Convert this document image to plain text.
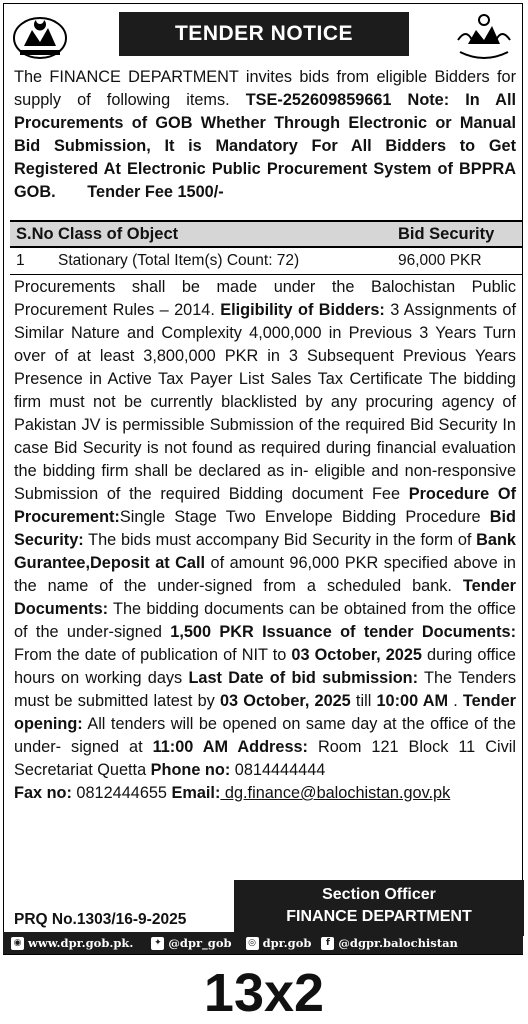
TENDER NOTICE
The FINANCE DEPARTMENT invites bids from eligible Bidders for supply of following items. TSE-252609859661 Note: In All Procurements of GOB Whether Through Electronic or Manual Bid Submission, It is Mandatory For All Bidders to Get Registered At Electronic Public Procurement System of BPPRA GOB. Tender Fee 1500/-
S.No Class of Object	Bid Security
1	Stationary (Total Item(s) Count: 72)	96,000 PKR
Procurements shall be made under the Balochistan Public Procurement Rules – 2014. Eligibility of Bidders: 3 Assignments of Similar Nature and Complexity 4,000,000 in Previous 3 Years Turn over of at least 3,800,000 PKR in 3 Subsequent Previous Years Presence in Active Tax Payer List Sales Tax Certificate The bidding firm must not be currently blacklisted by any procuring agency of Pakistan JV is permissible Submission of the required Bid Security In case Bid Security is not found as required during financial evaluation the bidding firm shall be declared as in- eligible and non-responsive Submission of the required Bidding document Fee Procedure Of Procurement:Single Stage Two Envelope Bidding Procedure Bid Security: The bids must accompany Bid Security in the form of Bank Gurantee,Deposit at Call of amount 96,000 PKR specified above in the name of the under-signed from a scheduled bank. Tender Documents: The bidding documents can be obtained from the office of the under-signed 1,500 PKR Issuance of tender Documents: From the date of publication of NIT to 03 October, 2025 during office hours on working days Last Date of bid submission: The Tenders must be submitted latest by 03 October, 2025 till 10:00 AM . Tender opening: All tenders will be opened on same day at the office of the under- signed at 11:00 AM Address: Room 121 Block 11 Civil Secretariat Quetta Phone no: 0814444444
Fax no: 0812444655 Email: dg.finance@balochistan.gov.pk
Section Officer
FINANCE DEPARTMENT
PRQ No.1303/16-9-2025
◉ www.dpr.gob.pk.	✦ @dpr_gob ◎ dpr.gob	f @dgpr.balochistan
13x2
